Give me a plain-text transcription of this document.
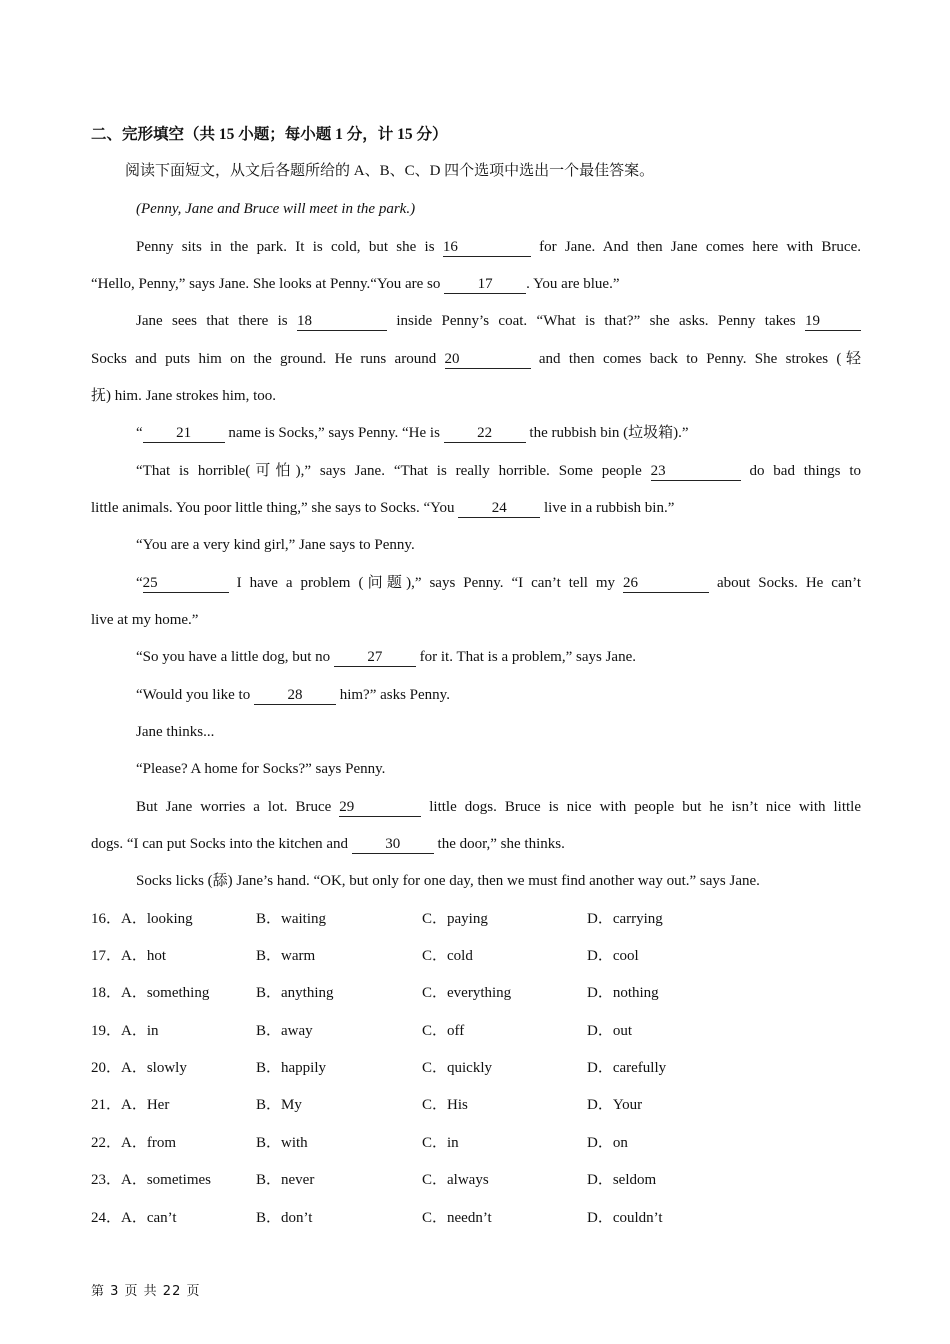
二、完形填空（共 15 小题；每小题 1 分，计 15 分）
阅读下面短文，从文后各题所给的 A、B、C、D 四个选项中选出一个最佳答案。
(Penny, Jane and Bruce will meet in the park.)
Penny sits in the park. It is cold, but she is 16	for Jane. And then Jane comes here with Bruce.
“Hello, Penny,” says Jane. She looks at Penny.“You are so 17 . You are blue.”
Jane sees that there is 18	inside Penny’s coat. “What is that?” she asks. Penny takes 19
Socks and puts him on the ground. He runs around 20	and then comes back to Penny. She strokes (轻
抚) him. Jane strokes him, too.
“ 21 name is Socks,” says Penny. “He is 22 the rubbish bin (垃圾箱).”
“That is horrible(可怕),” says Jane. “That is really horrible. Some people 23	do bad things to
little animals. You poor little thing,” she says to Socks. “You 24 live in a rubbish bin.”
“You are a very kind girl,” Jane says to Penny.
“25	I have a problem (问题),” says Penny. “I can’t tell my 26	about Socks. He can’t
live at my home.”
“So you have a little dog, but no 27 for it. That is a problem,” says Jane.
“Would you like to 28 him?” asks Penny.
Jane thinks...
“Please? A home for Socks?” says Penny.
But Jane worries a lot. Bruce 29	little dogs. Bruce is nice with people but he isn’t nice with little
dogs. “I can put Socks into the kitchen and 30 the door,” she thinks.
Socks licks (舔) Jane’s hand. “OK, but only for one day, then we must find another way out.” says Jane.
16．A．looking	B．waiting	C．paying	D．carrying
17．A．hot	B．warm	C．cold	D．cool
18．A．something	B．anything	C．everything	D．nothing
19．A．in	B．away	C．off	D．out
20．A．slowly	B．happily	C．quickly	D．carefully
21．A．Her	B．My	C．His	D．Your
22．A．from	B．with	C．in	D．on
23．A．sometimes	B．never	C．always	D．seldom
24．A．can’t	B．don’t	C．needn’t	D．couldn’t
第 3 页 共 22 页
